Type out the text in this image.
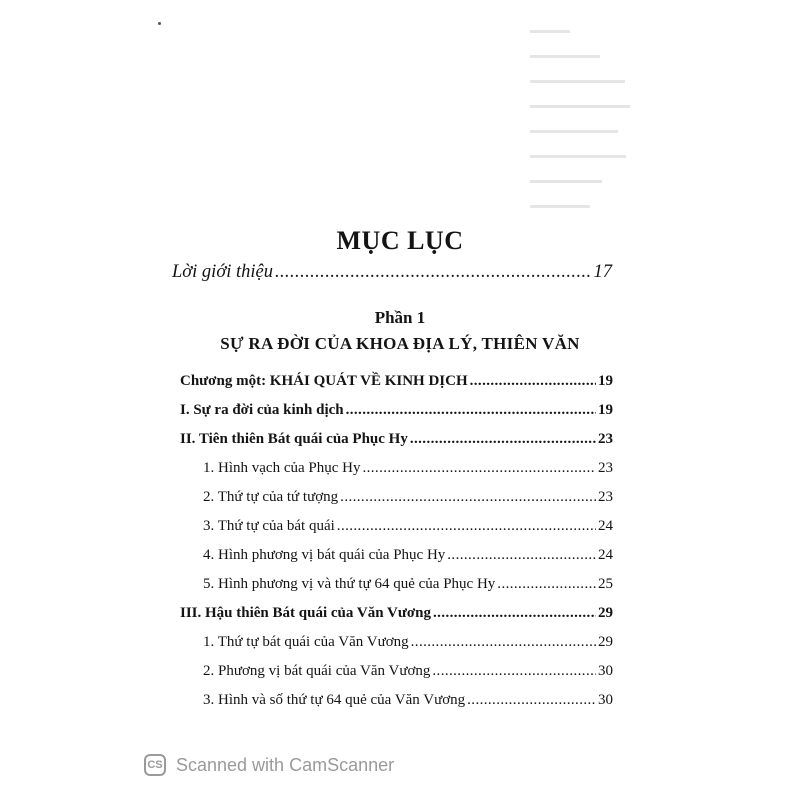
MỤC LỤC
Lời giới thiệu .....	17
Phần 1
SỰ RA ĐỜI CỦA KHOA ĐỊA LÝ, THIÊN VĂN
Chương một: KHÁI QUÁT VỀ KINH DỊCH .....	19
I. Sự ra đời của kinh dịch .....	19
II. Tiên thiên Bát quái của Phục Hy .....	23
1. Hình vạch của Phục Hy .....	23
2. Thứ tự của tứ tượng .....	23
3. Thứ tự của bát quái .....	24
4. Hình phương vị bát quái của Phục Hy .....	24
5. Hình phương vị và thứ tự 64 quẻ của Phục Hy .....	25
III. Hậu thiên Bát quái của Văn Vương .....	29
1. Thứ tự bát quái của Văn Vương .....	29
2. Phương vị bát quái của Văn Vương .....	30
3. Hình và số thứ tự 64 quẻ của Văn Vương .....	30
CS Scanned with CamScanner
